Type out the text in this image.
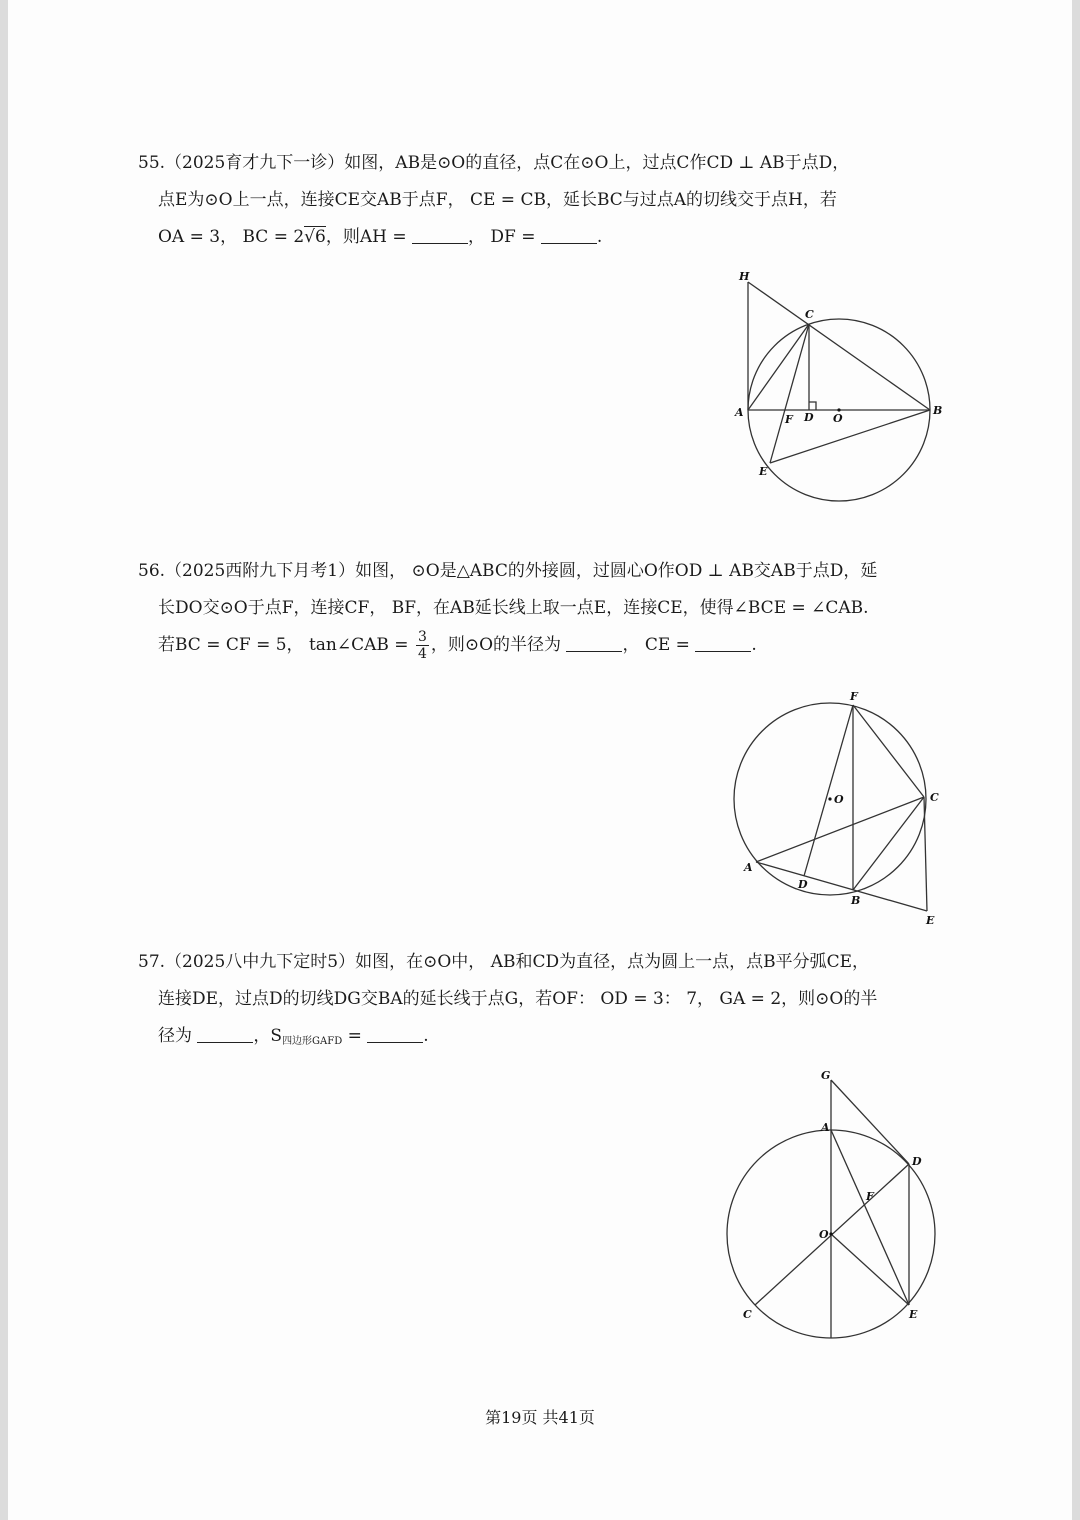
55.（2025育才九下一诊）如图，AB是⊙O的直径，点C在⊙O上，过点C作CD ⊥ AB于点D，

点E为⊙O上一点，连接CE交AB于点F， CE = CB，延长BC与过点A的切线交于点H，若

OA = 3， BC = 2√6，则AH =	， DF =	.

H
C
A
F D O
B
E

56.（2025西附九下月考1）如图， ⊙O是△ABC的外接圆，过圆心O作OD ⊥ AB交AB于点D，延

长DO交⊙O于点F，连接CF， BF，在AB延长线上取一点E，连接CE，使得∠BCE = ∠CAB.

若BC = CF = 5， tan∠CAB = $\frac{3}{4}$ ，则⊙O的半径为	， CE =	.

F
O	C
A
D
B
E

57.（2025八中九下定时5）如图，在⊙O中， AB和CD为直径，点为圆上一点，点B平分弧CE，

连接DE，过点D的切线DG交BA的延长线于点G，若OF： OD = 3： 7， GA = 2，则⊙O的半

径为	，$S_{四边形GAFD}$ =	.

G
A
D
F
O
C	E
第19页 共41页
